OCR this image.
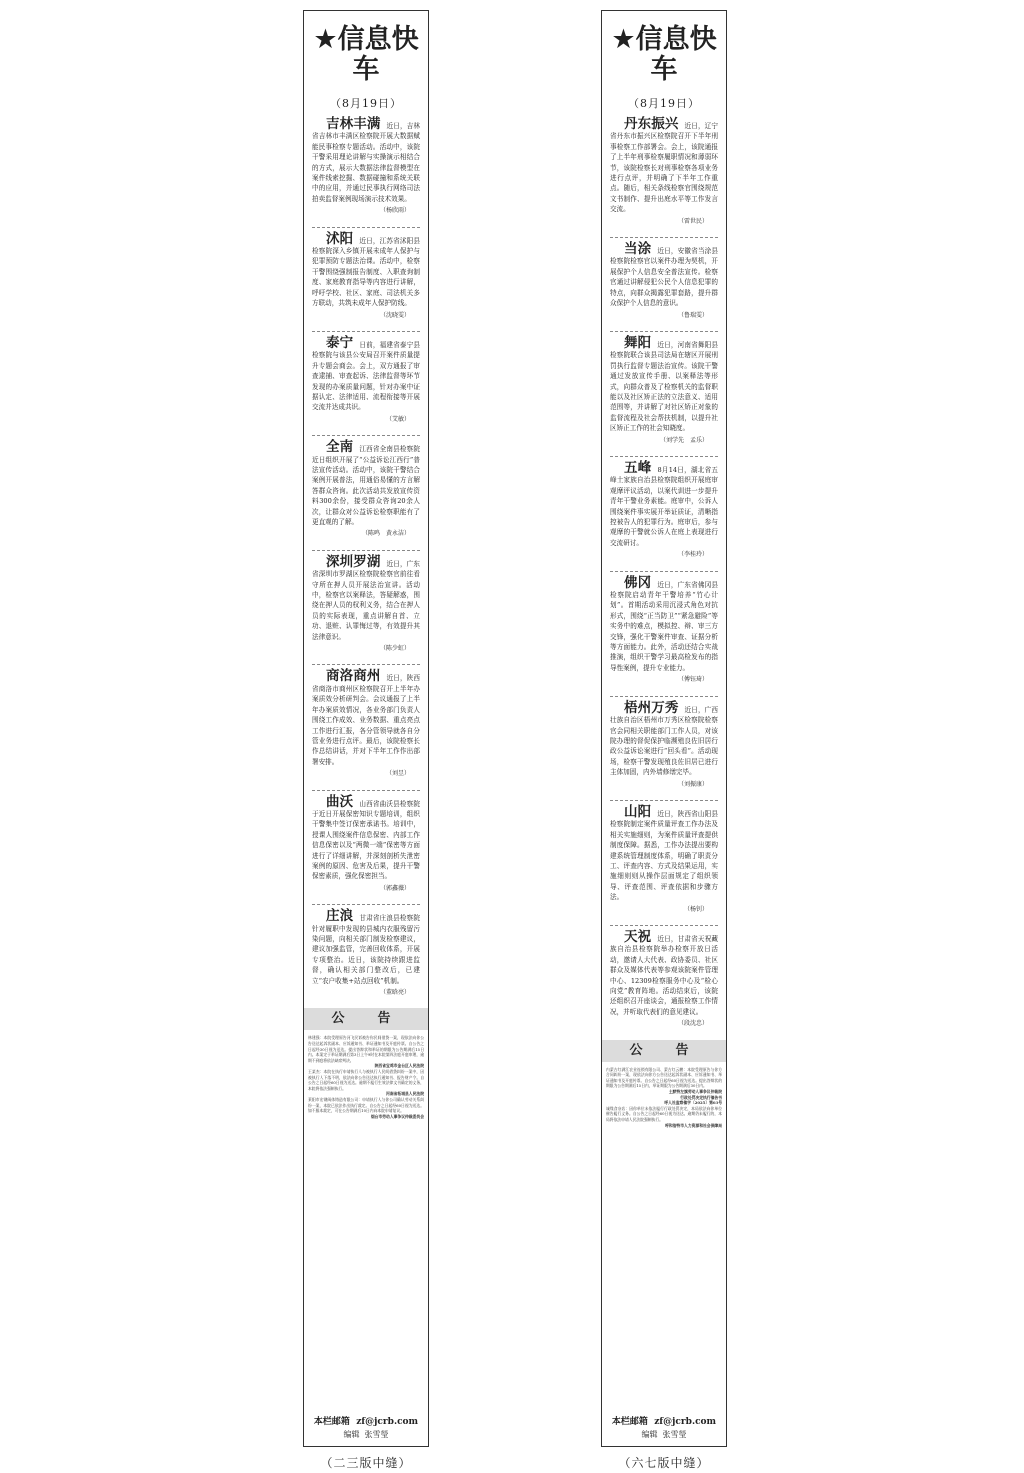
★信息快车
（8月19日）
吉林丰满 近日，吉林省吉林市丰满区检察院开展大数据赋能民事检察专题活动。活动中，该院干警采用理论讲解与实操演示相结合的方式，展示大数据法律监督模型在案件线索挖掘、数据碰撞和系统关联中的应用，并通过民事执行网络司法拍卖监督案例现场演示技术效果。
（杨欣雨）
沭阳 近日，江苏省沭阳县检察院深入乡镇开展未成年人保护与犯罪预防专题法治课。活动中，检察干警围绕强制报告制度、入职查询制度、家庭教育指导等内容进行讲解，呼吁学校、社区、家庭、司法机关多方联动，共筑未成年人保护防线。
（沈晓雯）
泰宁 日前，福建省泰宁县检察院与该县公安局召开案件质量提升专题会商会。会上，双方通报了审查逮捕、审查起诉、法律监督等环节发现的办案质量问题，针对办案中证据认定、法律适用、流程衔接等开展交流并达成共识。
（艾敏）
全南 江西省全南县检察院近日组织开展了“公益诉讼江西行”普法宣传活动。活动中，该院干警结合案例开展普法，用通俗易懂的方言解答群众咨询。此次活动共发放宣传资料300余份，接受群众咨询20余人次，让群众对公益诉讼检察职能有了更直观的了解。
（陈鸣　黄永洁）
深圳罗湖 近日，广东省深圳市罗湖区检察院检察官前往看守所在押人员开展法治宣讲。活动中，检察官以案释法，答疑解惑，围绕在押人员的权利义务，结合在押人员的实际表现，重点讲解自首、立功、退赃、认罪悔过等，有效提升其法律意识。
（陈少虹）
商洛商州 近日，陕西省商洛市商州区检察院召开上半年办案质效分析研判会。会议通报了上半年办案质效情况，各业务部门负责人围绕工作成效、业务数据、重点亮点工作进行汇报，各分管领导就各自分管业务进行点评。最后，该院检察长作总结讲话，并对下半年工作作出部署安排。
（刘昱）
曲沃 山西省曲沃县检察院于近日开展保密知识专题培训，组织干警集中签订保密承诺书。培训中，授课人围绕案件信息保密、内部工作信息保密以及“两微一端”保密等方面进行了详细讲解，并深刻剖析失泄密案例的原因、危害及后果，提升干警保密素质，强化保密担当。
（郭鑫薇）
庄浪 甘肃省庄浪县检察院针对履职中发现的县城内衣服残留污染问题，向相关部门制发检察建议，建议加强监管，完善回收体系，开展专项整治。近日，该院持续跟进监督，确认相关部门整改后，已建立“农户收集+站点回收”机制。
（董晗亮）
公　告
林建强：本院受理原告河飞民诉被告你民间借贷一案，现依法向你公告送达起诉状副本、应诉通知书、举证通知书及开庭传票。自公告之日起经30日视为送达。提出答辩状和举证的期限为公告期满后15日内。本案定于举证期满后第3日上午9时在本院第四法庭开庭审理，逾期不到庭将依法缺席判决。
陕西省宝鸡市金台区人民法院
王某杰：本院在执行申请执行人与被执行人民间借贷纠纷一案中，因被执行人下落不明，依法向你公告送达执行通知书、报告财产令。自公告之日起经60日视为送达。逾期不履行生效法律文书确定的义务，本院将依法强制执行。
河南省柘城县人民法院
莱阳市宏钢阀体铸造有限公司：申请执行人与你公司确认劳动关系纠纷一案，本院已依法作出执行裁定。自公告之日起经60日视为送达。如不服本裁定，可在公告期满后10日内向本院申请复议。
烟台市劳动人事争议仲裁委员会
本栏邮箱 zf@jcrb.com
编辑 张雪瑩
（二三版中缝）
★信息快车
（8月19日）
丹东振兴 近日，辽宁省丹东市振兴区检察院召开下半年刑事检察工作部署会。会上，该院通报了上半年刑事检察履职情况和薄弱环节，该院检察长对刑事检察各项业务进行点评，并明确了下半年工作重点。随后，相关条线检察官围绕规范文书制作、提升出庭水平等工作发言交流。
（雷世民）
当涂 近日，安徽省当涂县检察院检察官以案件办理为契机，开展保护个人信息安全普法宣传。检察官通过讲解侵犯公民个人信息犯罪的特点，向群众揭露犯罪套路，提升群众保护个人信息的意识。
（鲁瑞雯）
舞阳 近日，河南省舞阳县检察院联合该县司法局在辖区开展刑罚执行监督专题法治宣传。该院干警通过发放宣传手册、以案释法等形式，向群众普及了检察机关的监督职能以及社区矫正法的立法意义、适用范围等，并讲解了对社区矫正对象的监督流程及社会帮扶机制，以提升社区矫正工作的社会知晓度。
（刘学先　孟乐）
五峰 8月14日，湖北省五峰土家族自治县检察院组织开展庭审观摩评议活动，以案代训进一步提升青年干警业务素能。庭审中，公诉人围绕案件事实展开举证质证，清晰指控被告人的犯罪行为。庭审后，参与观摩的干警就公诉人在庭上表现进行交流研讨。
（李桂玲）
佛冈 近日，广东省佛冈县检察院启动青年干警培养“竹心计划”。首期活动采用沉浸式角色对抗形式，围绕“正当防卫”“紧急避险”等实务中的难点，模拟控、辩、审三方交锋，强化干警案件审查、证据分析等方面能力。此外，活动还结合实战推演，组织干警学习最高检发布的指导性案例，提升专业能力。
（傅钰琦）
梧州万秀 近日，广西壮族自治区梧州市万秀区检察院检察官会同相关职能部门工作人员，对该院办理的督促保护临濒殖良佐旧居行政公益诉讼案进行“回头看”。活动现场，检察干警发现殖良佐旧居已进行主体加固，内外墙修缮完毕。
（刘振康）
山阳 近日，陕西省山阳县检察院制定案件质量评查工作办法及相关实施细则，为案件质量评查提供制度保障。据悉，工作办法提出要构建系统管理制度体系，明确了职责分工、评查内容、方式及结果运用，实施细则则从操作层面规定了组织领导、评查范围、评查依据和步骤方法。
（杨钊）
天祝 近日，甘肃省天祝藏族自治县检察院举办检察开放日活动，邀请人大代表、政协委员、社区群众及媒体代表等参观该院案件管理中心、12309检察服务中心及“检心向党”教育阵地。活动结束后，该院还组织召开座谈会，通报检察工作情况，并听取代表们的意见建议。
（段沈忠）
公　告
内蒙古红满江农业连锁有限公司、蒙古红云鹏：本院受理原告与你方合同纠纷一案，现依法向你方公告送达起诉状副本、应诉通知书、举证通知书及开庭传票。自公告之日起经60日视为送达。提出答辩状的期限为公告期满后15日内，举证期限为公告期满后30日内。
土默特左旗劳动人事争议仲裁院
行政处罚决定执行催告书
呼人社监察催字〔2025〕第03号
诚缘食杂店：因你单位未依法履行行政处罚决定，本局依法向你单位催告履行义务。自公告之日起经60日视为送达。逾期仍未履行的，本局将依法申请人民法院强制执行。
呼和浩特市人力资源和社会保障局
本栏邮箱 zf@jcrb.com
编辑 张雪瑩
（六七版中缝）
